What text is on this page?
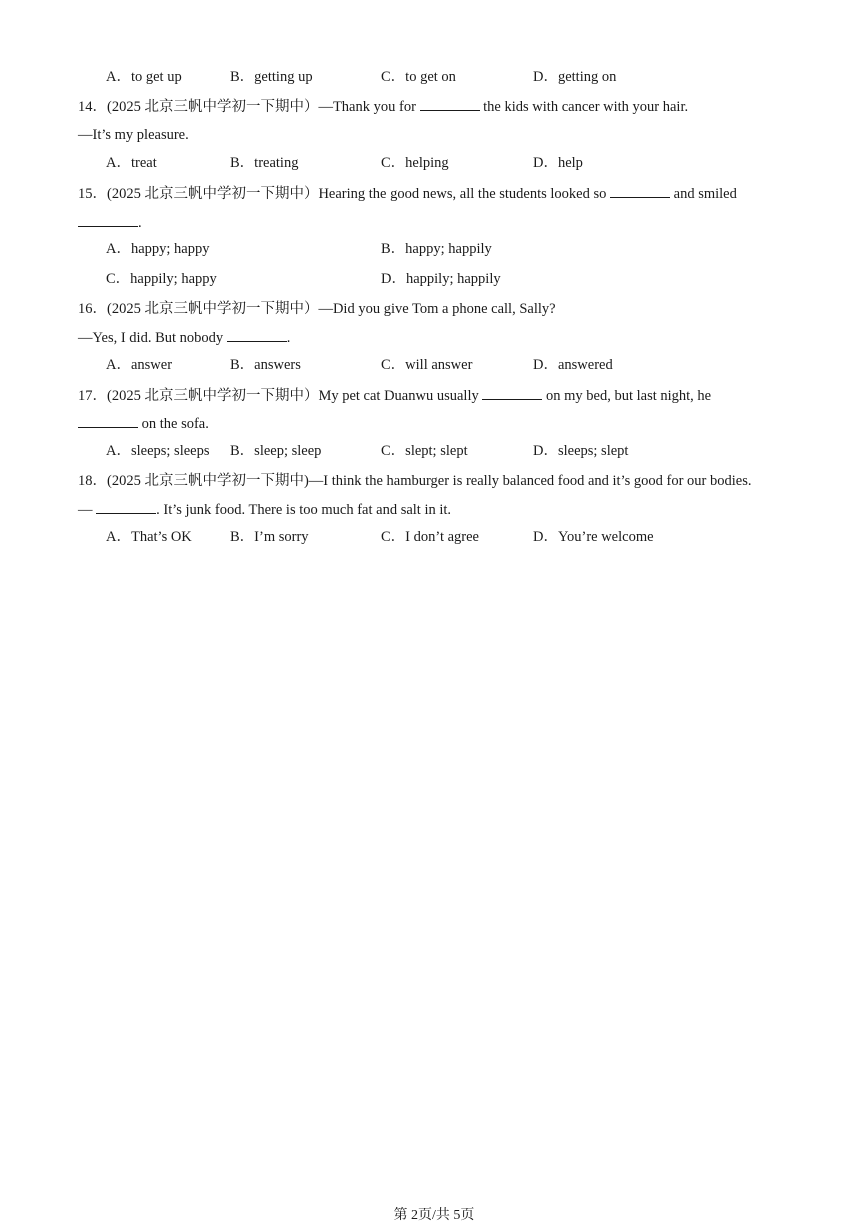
A．to get up	B．getting up	C．to get on	D．getting on
14．(2025 北京三帆中学初一下期中）—Thank you for	the kids with cancer with your hair.
—It’s my pleasure.
A．treat	B．treating	C．helping	D．help
15．(2025 北京三帆中学初一下期中）Hearing the good news, all the students looked so	and smiled
.
A．happy; happy	B．happy; happily
C．happily; happy	D．happily; happily
16．(2025 北京三帆中学初一下期中）—Did you give Tom a phone call, Sally?
—Yes, I did. But nobody	.
A．answer	B．answers	C．will answer	D．answered
17．(2025 北京三帆中学初一下期中）My pet cat Duanwu usually	on my bed, but last night, he
on the sofa.
A．sleeps; sleeps B．sleep; sleep	C．slept; slept	D．sleeps; slept
18．(2025 北京三帆中学初一下期中)—I think the hamburger is really balanced food and it’s good for our bodies.
—	. It’s junk food. There is too much fat and salt in it.
A．That’s OK	B．I’m sorry	C．I don’t agree	D．You’re welcome
第 2页/共 5页
